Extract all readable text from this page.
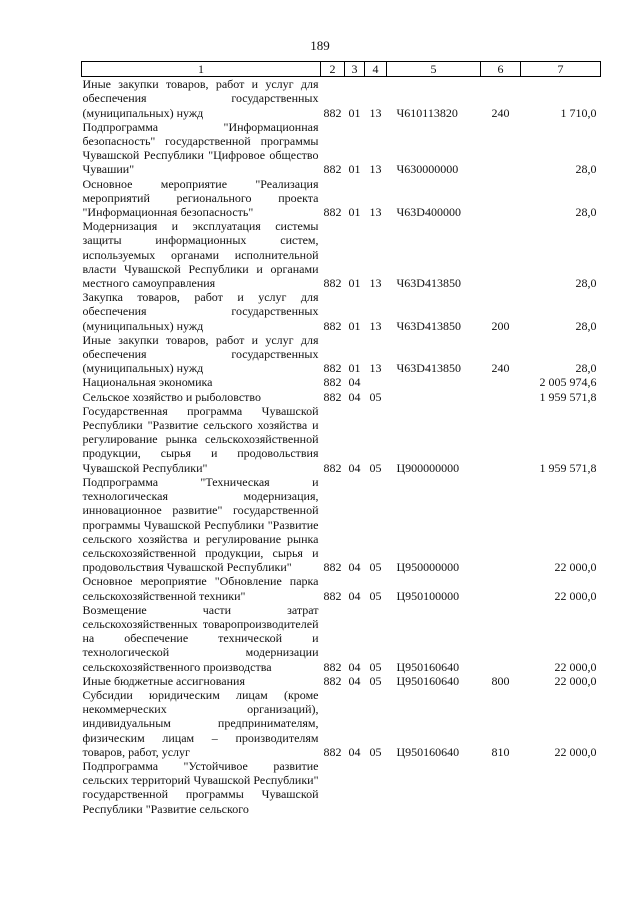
189
1	2	3	4	5	6	7
Иные закупки товаров, работ и услуг для обеспечения государственных (муниципальных) нужд	882	01	13	Ч610113820	240	1 710,0
Подпрограмма "Информационная безопасность" государственной программы Чувашской Республики "Цифровое общество Чувашии"	882	01	13	Ч630000000		28,0
Основное мероприятие "Реализация мероприятий регионального проекта "Информационная безопасность"	882	01	13	Ч63D400000		28,0
Модернизация и эксплуатация системы защиты информационных систем, используемых органами исполнительной власти Чувашской Республики и органами местного самоуправления	882	01	13	Ч63D413850		28,0
Закупка товаров, работ и услуг для обеспечения государственных (муниципальных) нужд	882	01	13	Ч63D413850	200	28,0
Иные закупки товаров, работ и услуг для обеспечения государственных (муниципальных) нужд	882	01	13	Ч63D413850	240	28,0
Национальная экономика	882	04				2 005 974,6
Сельское хозяйство и рыболовство	882	04	05			1 959 571,8
Государственная программа Чувашской Республики "Развитие сельского хозяйства и регулирование рынка сельскохозяйственной продукции, сырья и продовольствия Чувашской Республики"	882	04	05	Ц900000000		1 959 571,8
Подпрограмма "Техническая и технологическая модернизация, инновационное развитие" государственной программы Чувашской Республики "Развитие сельского хозяйства и регулирование рынка сельскохозяйственной продукции, сырья и продовольствия Чувашской Республики"	882	04	05	Ц950000000		22 000,0
Основное мероприятие "Обновление парка сельскохозяйственной техники"	882	04	05	Ц950100000		22 000,0
Возмещение части затрат сельскохозяйственных товаропроизводителей на обеспечение технической и технологической модернизации сельскохозяйственного производства	882	04	05	Ц950160640		22 000,0
Иные бюджетные ассигнования	882	04	05	Ц950160640	800	22 000,0
Субсидии юридическим лицам (кроме некоммерческих организаций), индивидуальным предпринимателям, физическим лицам – производителям товаров, работ, услуг	882	04	05	Ц950160640	810	22 000,0
Подпрограмма "Устойчивое развитие сельских территорий Чувашской Республики" государственной программы Чувашской Республики "Развитие сельского						
